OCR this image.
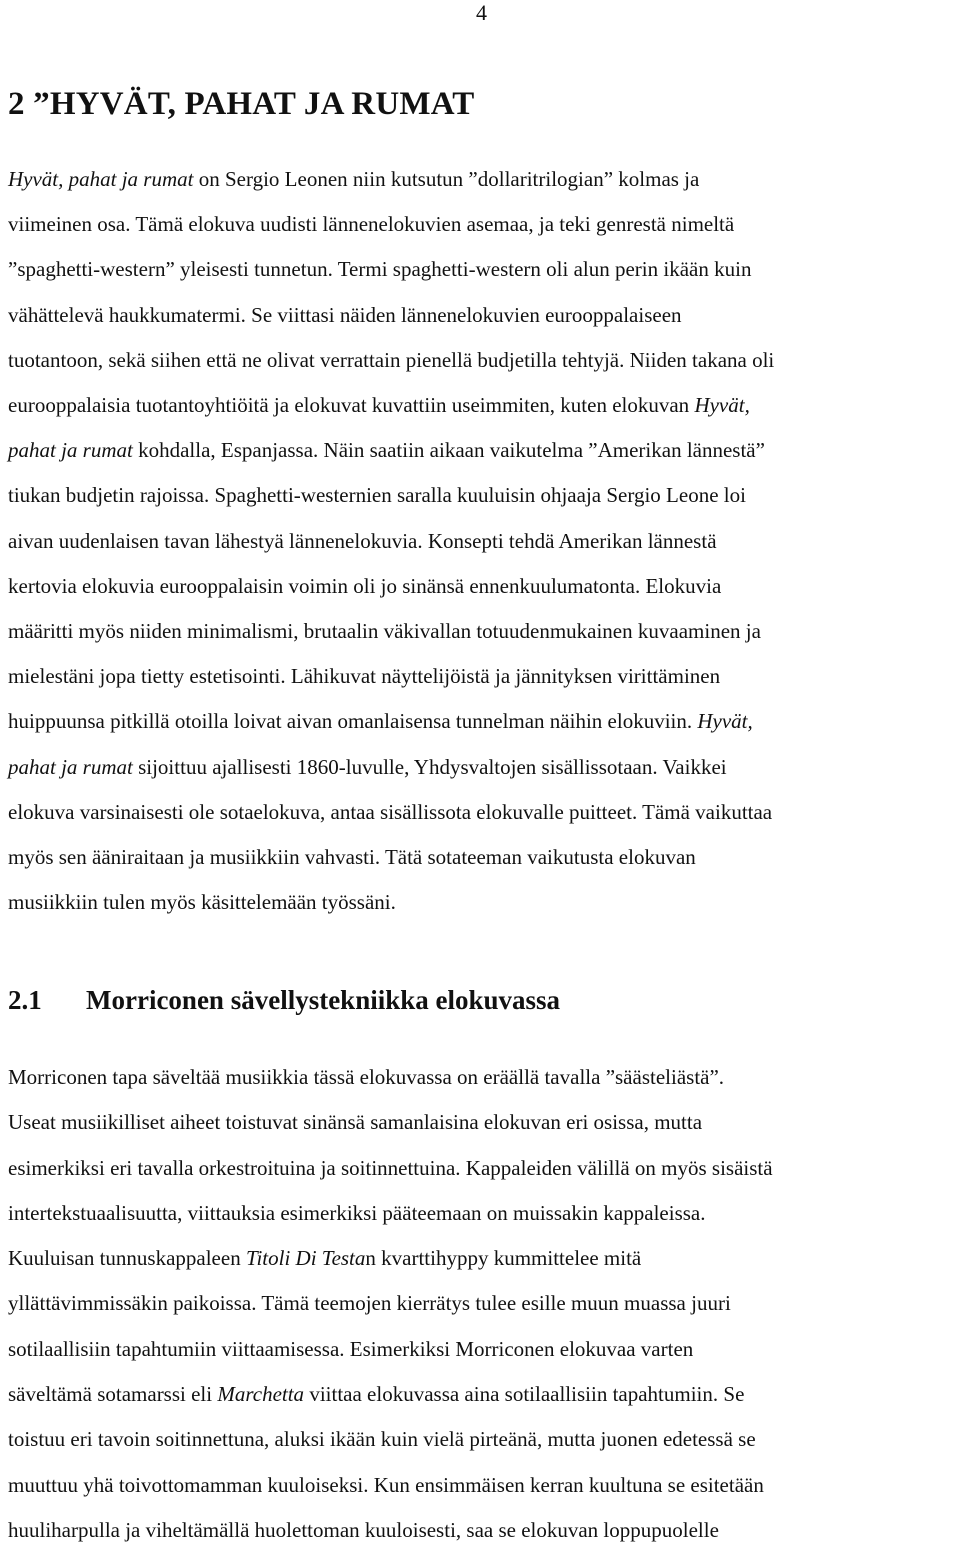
4
2 ”HYVÄT, PAHAT JA RUMAT
Hyvät, pahat ja rumat on Sergio Leonen niin kutsutun ”dollaritrilogian” kolmas ja
viimeinen osa. Tämä elokuva uudisti lännenelokuvien asemaa, ja teki genrestä nimeltä
”spaghetti-western” yleisesti tunnetun. Termi spaghetti-western oli alun perin ikään kuin
vähättelevä haukkumatermi. Se viittasi näiden lännenelokuvien eurooppalaiseen
tuotantoon, sekä siihen että ne olivat verrattain pienellä budjetilla tehtyjä. Niiden takana oli
eurooppalaisia tuotantoyhtiöitä ja elokuvat kuvattiin useimmiten, kuten elokuvan Hyvät,
pahat ja rumat kohdalla, Espanjassa. Näin saatiin aikaan vaikutelma ”Amerikan lännestä”
tiukan budjetin rajoissa. Spaghetti-westernien saralla kuuluisin ohjaaja Sergio Leone loi
aivan uudenlaisen tavan lähestyä lännenelokuvia. Konsepti tehdä Amerikan lännestä
kertovia elokuvia eurooppalaisin voimin oli jo sinänsä ennenkuulumatonta. Elokuvia
määritti myös niiden minimalismi, brutaalin väkivallan totuudenmukainen kuvaaminen ja
mielestäni jopa tietty estetisointi. Lähikuvat näyttelijöistä ja jännityksen virittäminen
huippuunsa pitkillä otoilla loivat aivan omanlaisensa tunnelman näihin elokuviin. Hyvät,
pahat ja rumat sijoittuu ajallisesti 1860-luvulle, Yhdysvaltojen sisällissotaan. Vaikkei
elokuva varsinaisesti ole sotaelokuva, antaa sisällissota elokuvalle puitteet. Tämä vaikuttaa
myös sen ääniraitaan ja musiikkiin vahvasti. Tätä sotateeman vaikutusta elokuvan
musiikkiin tulen myös käsittelemään työssäni.
2.1 Morriconen sävellystekniikka elokuvassa
Morriconen tapa säveltää musiikkia tässä elokuvassa on eräällä tavalla ”säästeliästä”.
Useat musiikilliset aiheet toistuvat sinänsä samanlaisina elokuvan eri osissa, mutta
esimerkiksi eri tavalla orkestroituina ja soitinnettuina. Kappaleiden välillä on myös sisäistä
intertekstuaalisuutta, viittauksia esimerkiksi pääteemaan on muissakin kappaleissa.
Kuuluisan tunnuskappaleen Titoli Di Testan kvarttihyppy kummittelee mitä
yllättävimmissäkin paikoissa. Tämä teemojen kierrätys tulee esille muun muassa juuri
sotilaallisiin tapahtumiin viittaamisessa. Esimerkiksi Morriconen elokuvaa varten
säveltämä sotamarssi eli Marchetta viittaa elokuvassa aina sotilaallisiin tapahtumiin. Se
toistuu eri tavoin soitinnettuna, aluksi ikään kuin vielä pirteänä, mutta juonen edetessä se
muuttuu yhä toivottomamman kuuloiseksi. Kun ensimmäisen kerran kuultuna se esitetään
huuliharpulla ja viheltämällä huolettoman kuuloisesti, saa se elokuvan loppupuolelle
